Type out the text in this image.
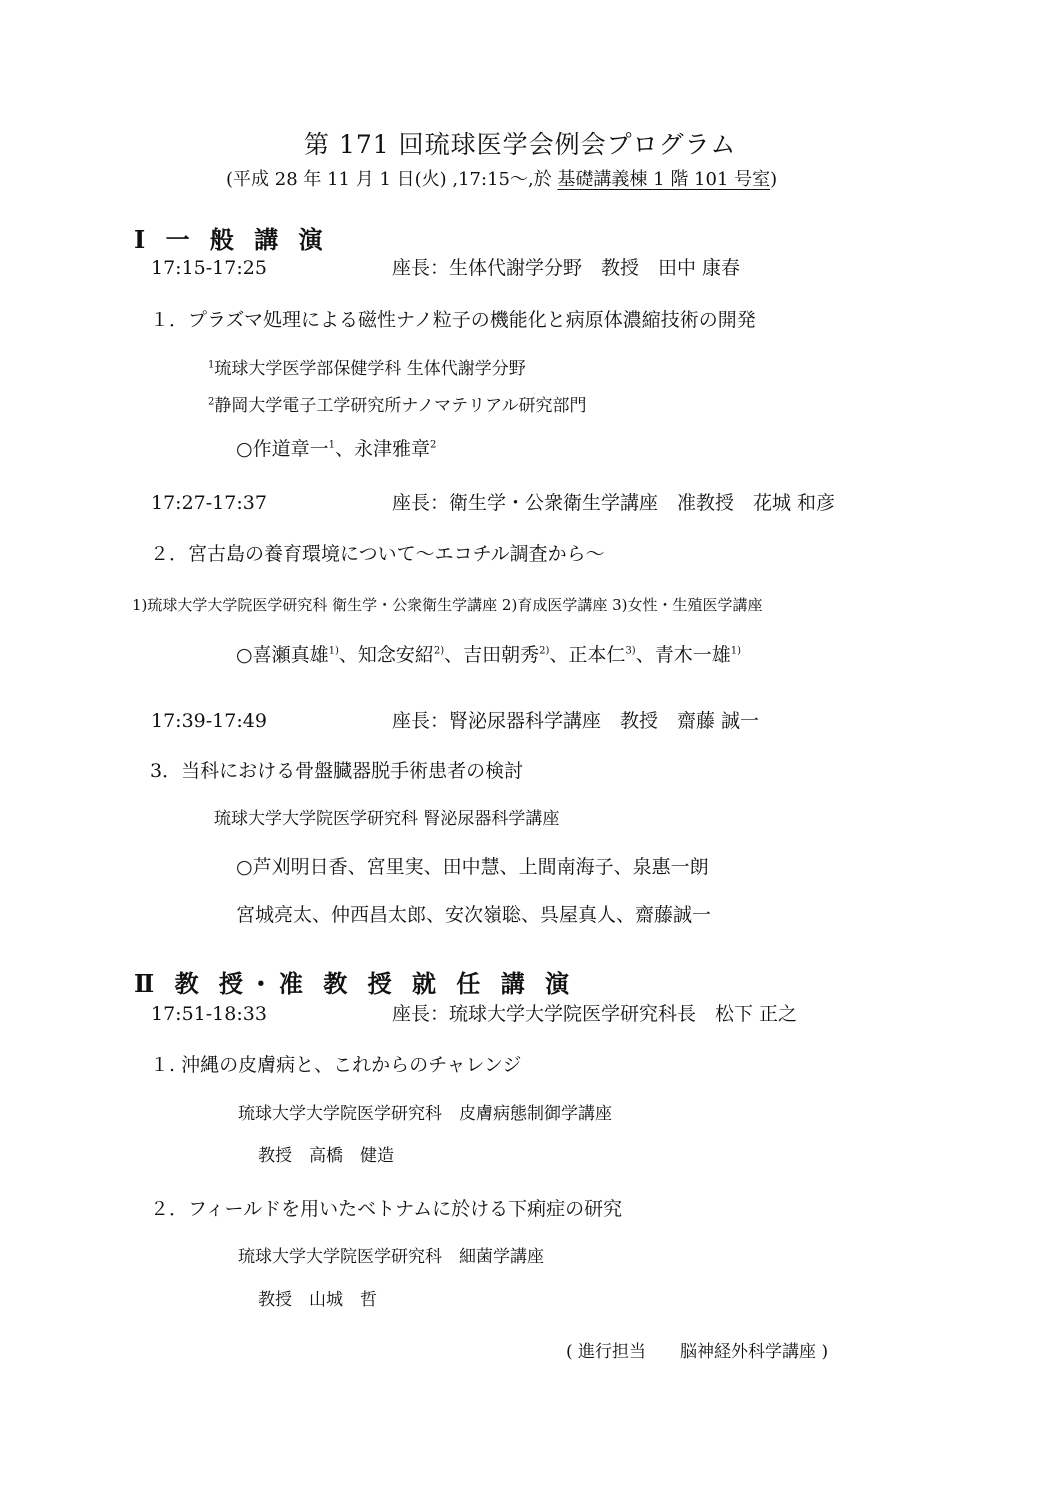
第 171 回琉球医学会例会プログラム
(平成 28 年 11 月 1 日(火) ,17:15～,於 基礎講義棟 1 階 101 号室)
Ⅰ 一 般 講 演
17:15-17:25	座長：生体代謝学分野　教授　田中 康春
１．プラズマ処理による磁性ナノ粒子の機能化と病原体濃縮技術の開発
$^1$琉球大学医学部保健学科 生体代謝学分野
$^2$静岡大学電子工学研究所ナノマテリアル研究部門
○作道章一$^1$、永津雅章$^2$
17:27-17:37	座長：衛生学・公衆衛生学講座　准教授　花城 和彦
２．宮古島の養育環境について～エコチル調査から～
1)琉球大学大学院医学研究科 衛生学・公衆衛生学講座 2)育成医学講座 3)女性・生殖医学講座
○喜瀬真雄$^{1)}$、知念安紹$^{2)}$、吉田朝秀$^{2)}$、正本仁$^{3)}$、青木一雄$^{1)}$
17:39-17:49	座長：腎泌尿器科学講座　教授　齋藤 誠一
3．当科における骨盤臓器脱手術患者の検討
琉球大学大学院医学研究科 腎泌尿器科学講座
○芦刈明日香、宮里実、田中慧、上間南海子、泉惠一朗
宮城亮太、仲西昌太郎、安次嶺聡、呉屋真人、齋藤誠一
Ⅱ 教 授・准 教 授 就 任 講 演
17:51-18:33	座長：琉球大学大学院医学研究科長　松下 正之
１. 沖縄の皮膚病と、これからのチャレンジ
琉球大学大学院医学研究科　皮膚病態制御学講座
教授　高橋　健造
２．フィールドを用いたベトナムに於ける下痢症の研究
琉球大学大学院医学研究科　細菌学講座
教授　山城　哲
( 進行担当　　脳神経外科学講座 )
